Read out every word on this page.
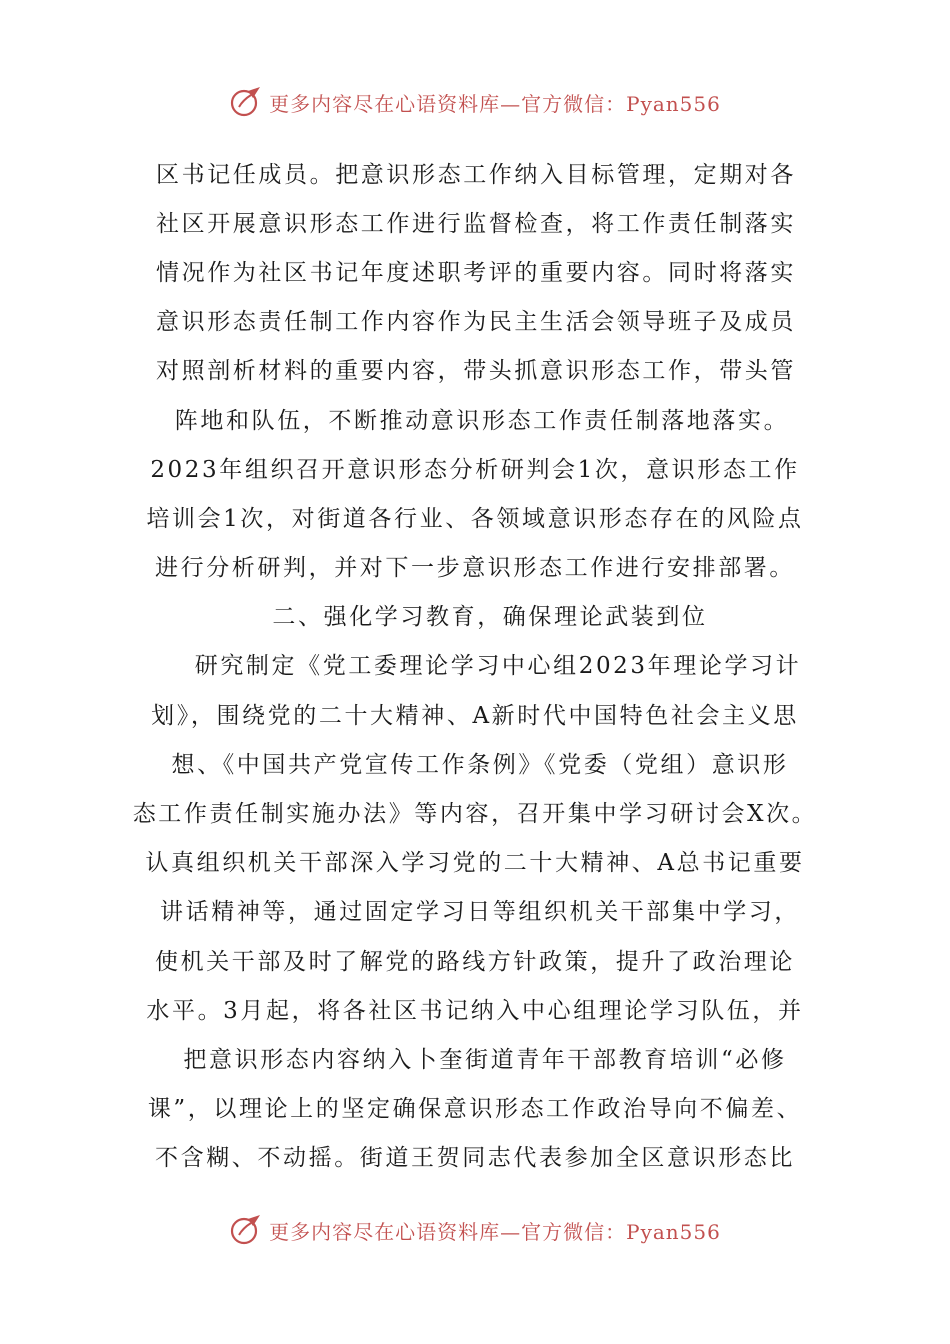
更多内容尽在心语资料库—官方微信：Pyan556
区书记任成员。把意识形态工作纳入目标管理，定期对各
社区开展意识形态工作进行监督检查，将工作责任制落实
情况作为社区书记年度述职考评的重要内容。同时将落实
意识形态责任制工作内容作为民主生活会领导班子及成员
对照剖析材料的重要内容，带头抓意识形态工作，带头管
阵地和队伍，不断推动意识形态工作责任制落地落实。
2023年组织召开意识形态分析研判会1次，意识形态工作
培训会1次，对街道各行业、各领域意识形态存在的风险点
进行分析研判，并对下一步意识形态工作进行安排部署。
二、强化学习教育，确保理论武装到位
研究制定《党工委理论学习中心组2023年理论学习计
划》，围绕党的二十大精神、A新时代中国特色社会主义思
想、《中国共产党宣传工作条例》《党委（党组）意识形
态工作责任制实施办法》等内容，召开集中学习研讨会X次。
认真组织机关干部深入学习党的二十大精神、A总书记重要
讲话精神等，通过固定学习日等组织机关干部集中学习，
使机关干部及时了解党的路线方针政策，提升了政治理论
水平。3月起，将各社区书记纳入中心组理论学习队伍，并
把意识形态内容纳入卜奎街道青年干部教育培训“必修
课”，以理论上的坚定确保意识形态工作政治导向不偏差、
不含糊、不动摇。街道王贺同志代表参加全区意识形态比
更多内容尽在心语资料库—官方微信：Pyan556
